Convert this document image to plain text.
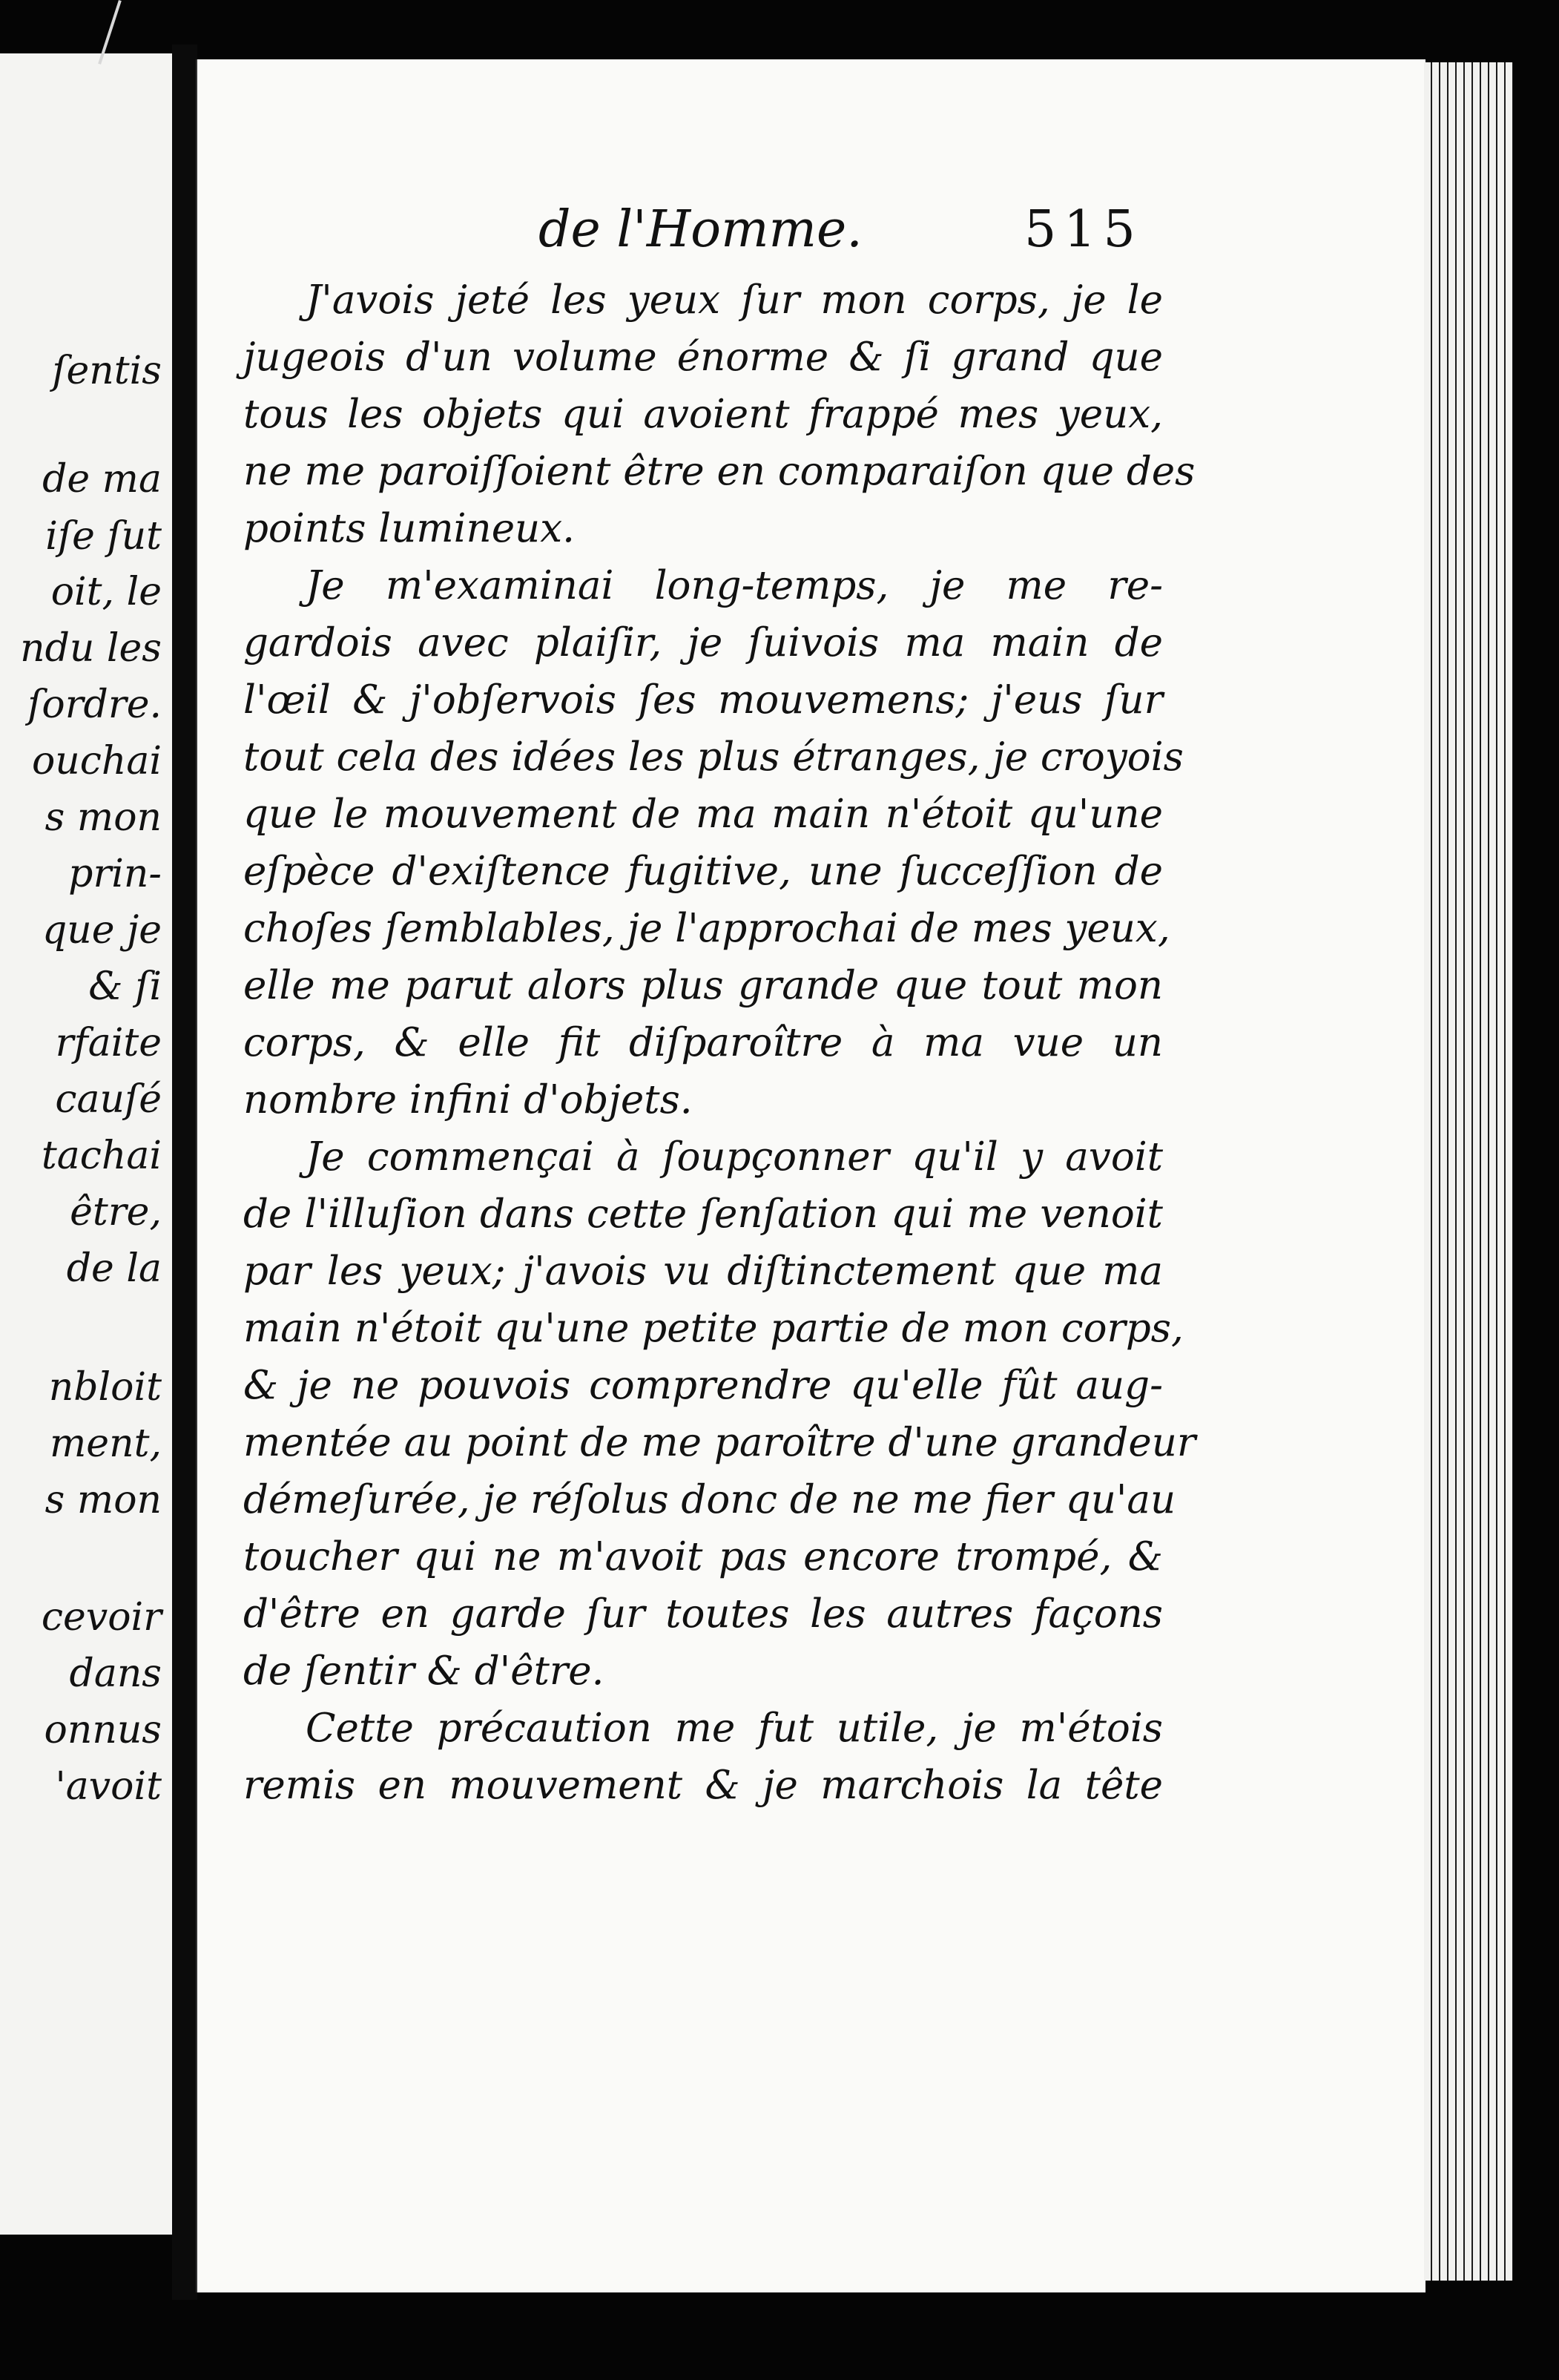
ſentis

de ma

iſe ſut

oit, le

ndu les

ſordre.

ouchai

s mon

prin-

que je

& ſi

rfaite

cauſé

tachai

être,

de la

nbloit

ment,

s mon

cevoir

dans

onnus

'avoit

de l'Homme.	515
J'avois jeté les yeux ſur mon corps, je le
jugeois d'un volume énorme & ſi grand que
tous les objets qui avoient frappé mes yeux,
ne me paroiſſoient être en comparaiſon que des
points lumineux.
Je m'examinai long-temps, je me re-
gardois avec plaiſir, je ſuivois ma main de
l'œil & j'obſervois ſes mouvemens; j'eus ſur
tout cela des idées les plus étranges, je croyois
que le mouvement de ma main n'étoit qu'une
eſpèce d'exiſtence fugitive, une ſucceſſion de
choſes ſemblables, je l'approchai de mes yeux,
elle me parut alors plus grande que tout mon
corps, & elle fit diſparoître à ma vue un
nombre infini d'objets.
Je commençai à ſoupçonner qu'il y avoit
de l'illuſion dans cette ſenſation qui me venoit
par les yeux; j'avois vu diſtinctement que ma
main n'étoit qu'une petite partie de mon corps,
& je ne pouvois comprendre qu'elle fût aug-
mentée au point de me paroître d'une grandeur
démeſurée, je réſolus donc de ne me fier qu'au
toucher qui ne m'avoit pas encore trompé, &
d'être en garde ſur toutes les autres façons
de ſentir & d'être.
Cette précaution me fut utile, je m'étois
remis en mouvement & je marchois la tête
